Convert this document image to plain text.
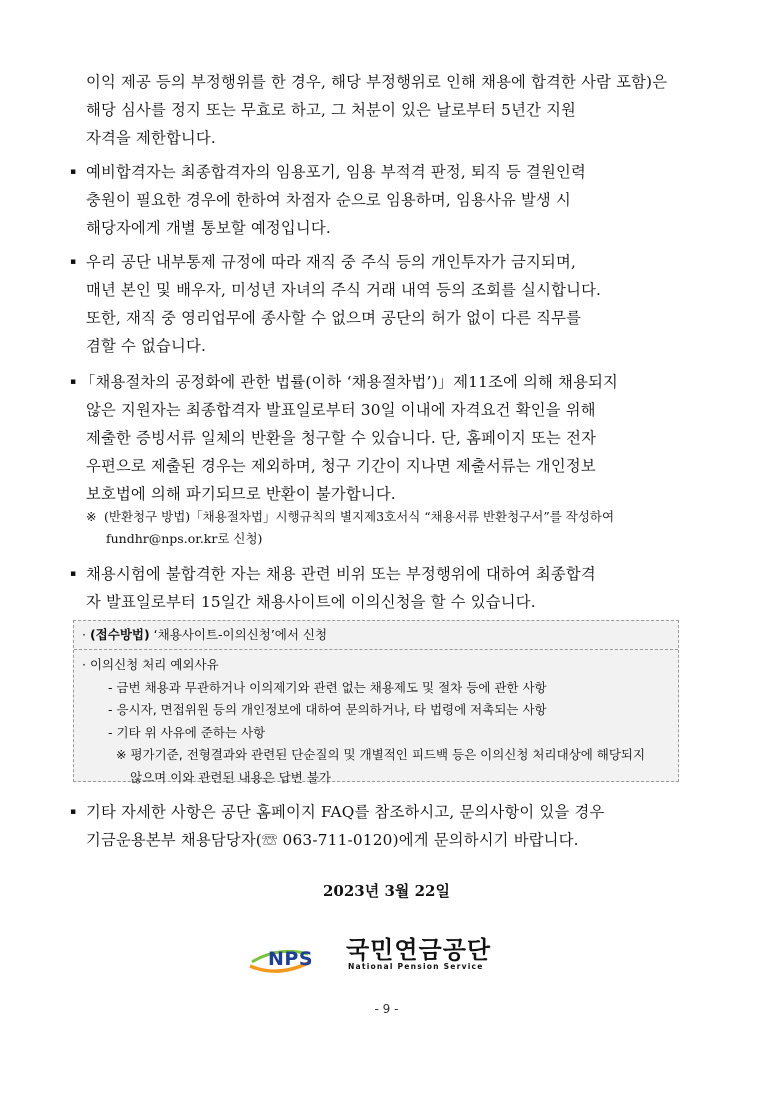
이익 제공 등의 부정행위를 한 경우, 해당 부정행위로 인해 채용에 합격한 사람 포함)은
해당 심사를 정지 또는 무효로 하고, 그 처분이 있은 날로부터 5년간 지원
자격을 제한합니다.
▪ 예비합격자는 최종합격자의 임용포기, 임용 부적격 판정, 퇴직 등 결원인력
충원이 필요한 경우에 한하여 차점자 순으로 임용하며, 임용사유 발생 시
해당자에게 개별 통보할 예정입니다.
▪ 우리 공단 내부통제 규정에 따라 재직 중 주식 등의 개인투자가 금지되며,
매년 본인 및 배우자, 미성년 자녀의 주식 거래 내역 등의 조회를 실시합니다.
또한, 재직 중 영리업무에 종사할 수 없으며 공단의 허가 없이 다른 직무를
겸할 수 없습니다.
▪ 「채용절차의 공정화에 관한 법률(이하 ‘채용절차법’)」제11조에 의해 채용되지
않은 지원자는 최종합격자 발표일로부터 30일 이내에 자격요건 확인을 위해
제출한 증빙서류 일체의 반환을 청구할 수 있습니다. 단, 홈페이지 또는 전자
우편으로 제출된 경우는 제외하며, 청구 기간이 지나면 제출서류는 개인정보
보호법에 의해 파기되므로 반환이 불가합니다.
※ (반환청구 방법)「채용절차법」시행규칙의 별지제3호서식 “채용서류 반환청구서”를 작성하여
fundhr@nps.or.kr로 신청)
▪ 채용시험에 불합격한 자는 채용 관련 비위 또는 부정행위에 대하여 최종합격
자 발표일로부터 15일간 채용사이트에 이의신청을 할 수 있습니다.
· (접수방법) ‘채용사이트-이의신청’에서 신청
· 이의신청 처리 예외사유
- 금번 채용과 무관하거나 이의제기와 관련 없는 채용제도 및 절차 등에 관한 사항
- 응시자, 면접위원 등의 개인정보에 대하여 문의하거나, 타 법령에 저촉되는 사항
- 기타 위 사유에 준하는 사항
※ 평가기준, 전형결과와 관련된 단순질의 및 개별적인 피드백 등은 이의신청 처리대상에 해당되지
않으며 이와 관련된 내용은 답변 불가
▪ 기타 자세한 사항은 공단 홈페이지 FAQ를 참조하시고, 문의사항이 있을 경우
기금운용본부 채용담당자(☏ 063-711-0120)에게 문의하시기 바랍니다.
2023년 3월 22일
NPS 국민연금공단
National Pension Service
- 9 -
